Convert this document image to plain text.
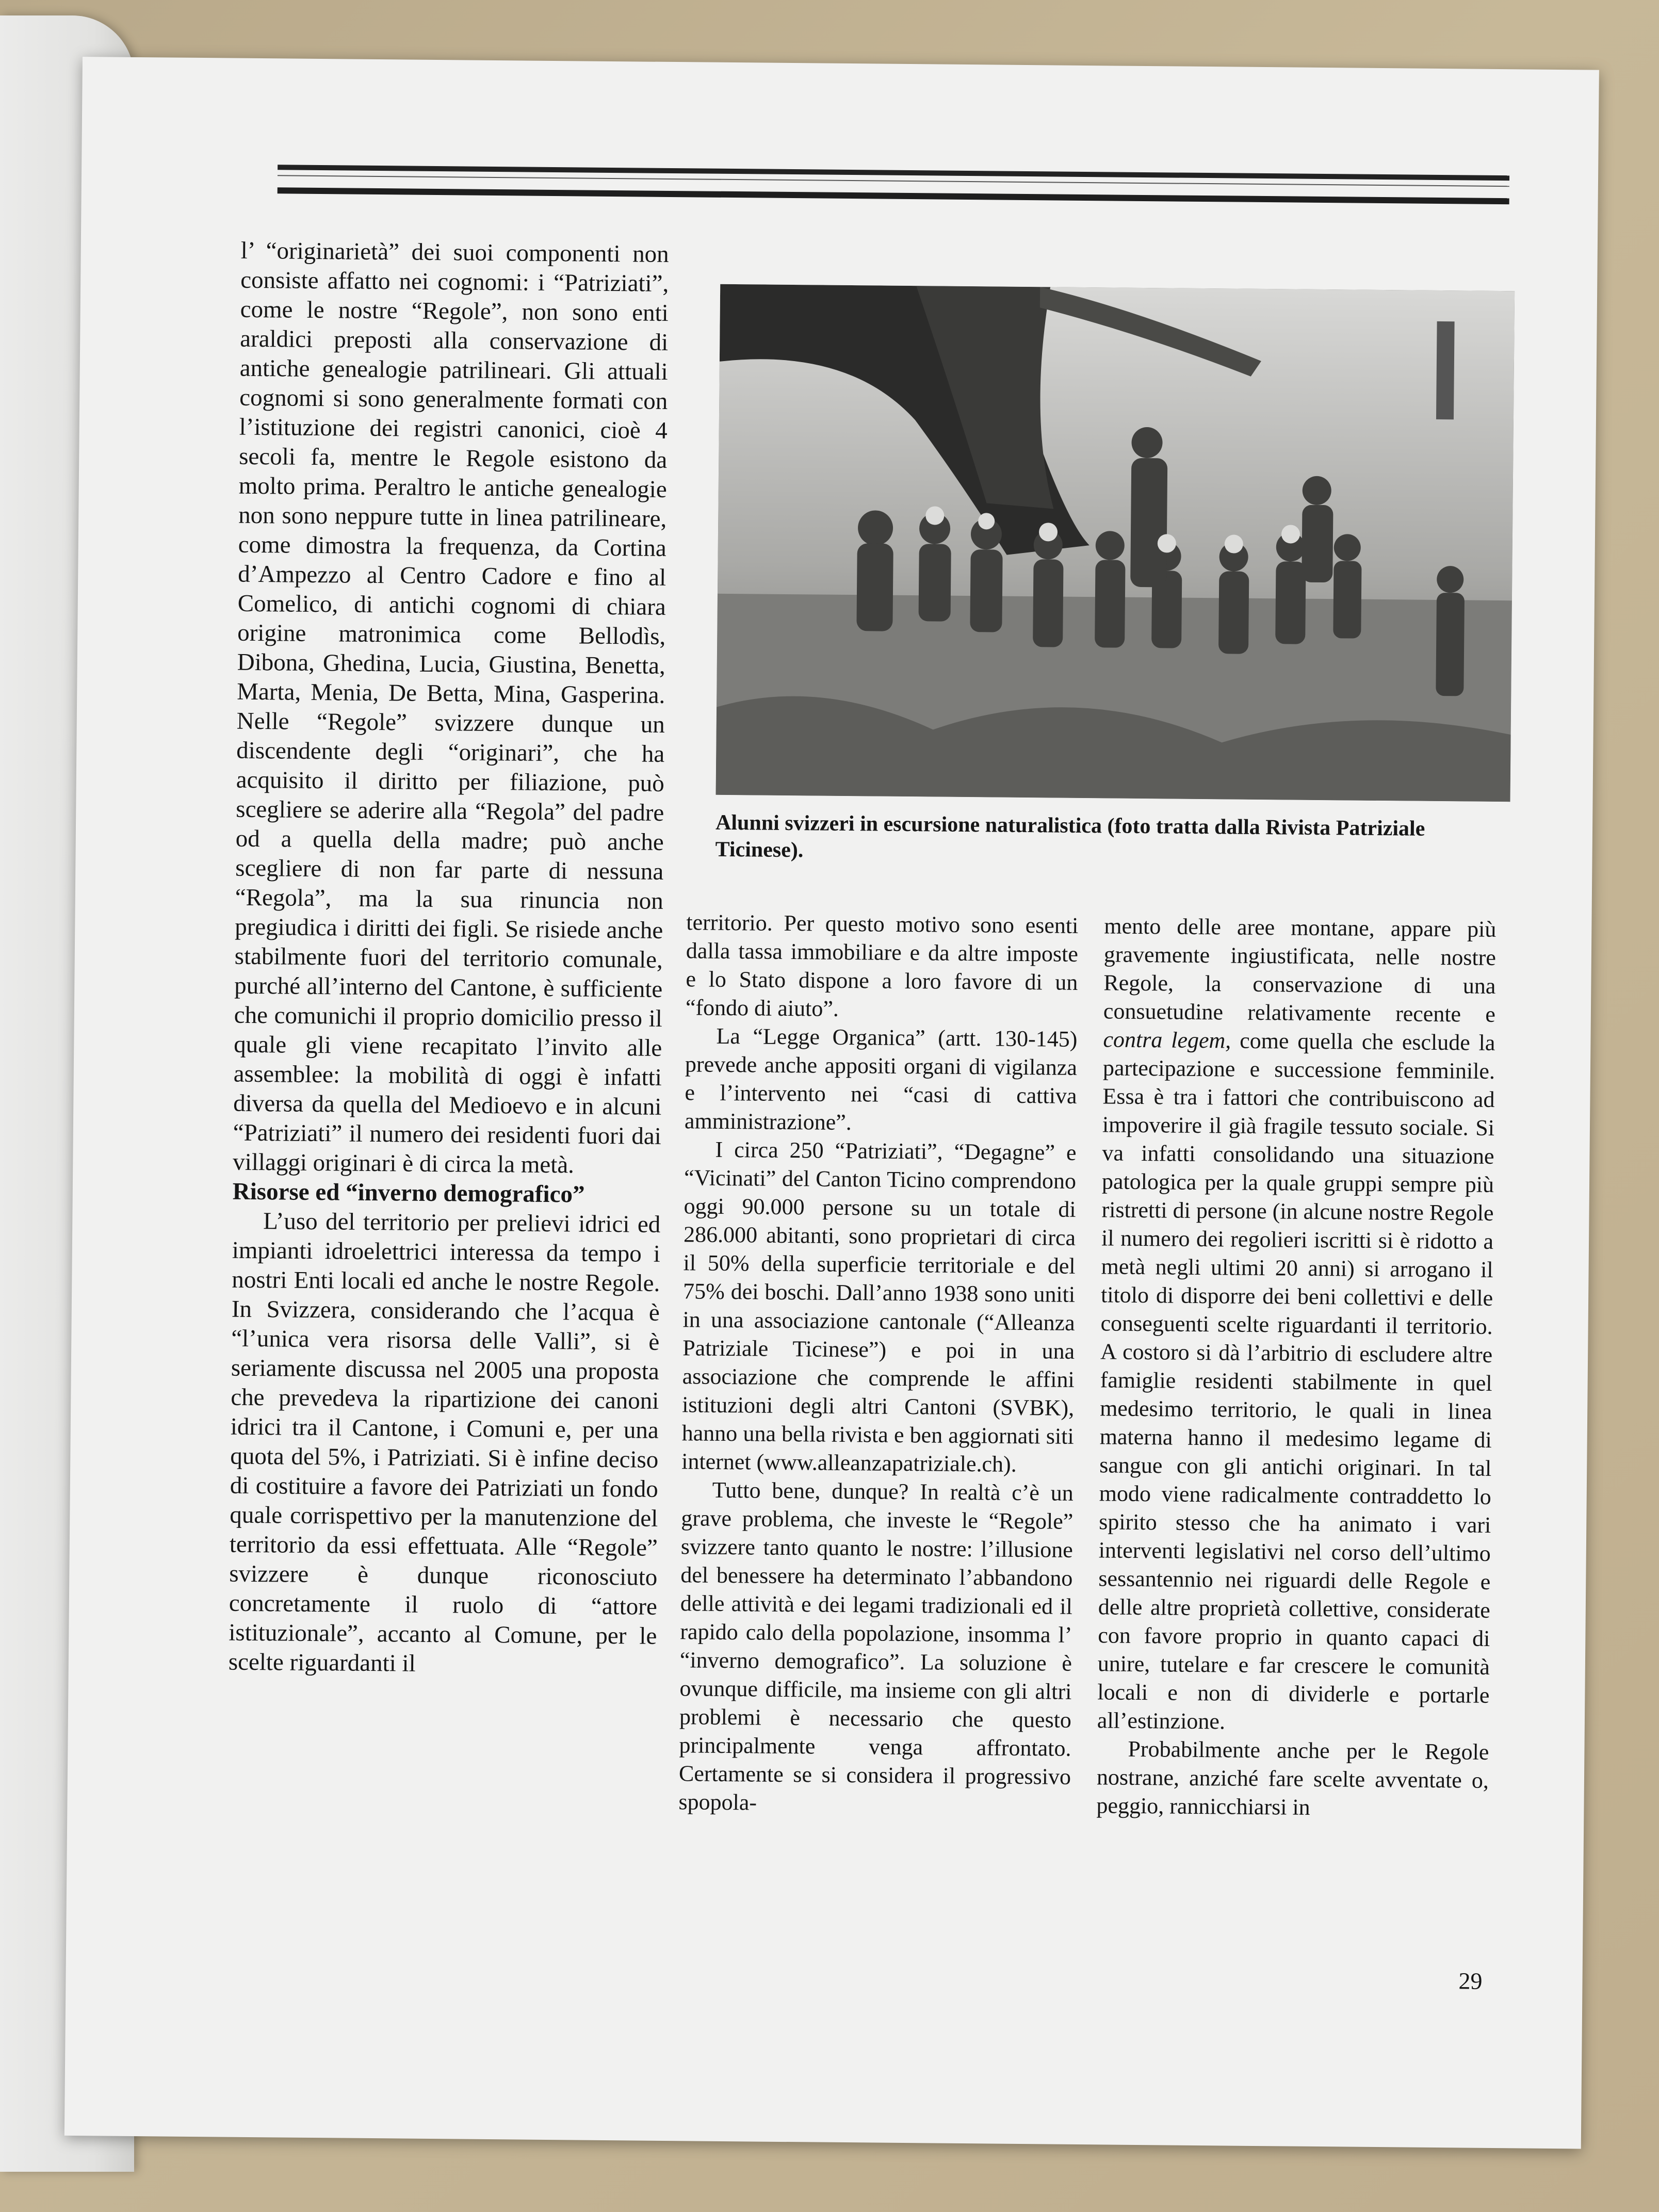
l’ “originarietà” dei suoi componenti non consiste affatto nei cognomi: i “Patriziati”, come le nostre “Regole”, non sono enti araldici preposti alla conservazione di antiche genealogie patrilineari. Gli attuali cognomi si sono generalmente formati con l’istituzione dei registri canonici, cioè 4 secoli fa, mentre le Regole esistono da molto prima. Peraltro le antiche genealogie non sono neppure tutte in linea patrilineare, come dimostra la frequenza, da Cortina d’Ampezzo al Centro Cadore e fino al Comelico, di antichi cognomi di chiara origine matronimica come Bellodìs, Dibona, Ghedina, Lucia, Giustina, Benetta, Marta, Menia, De Betta, Mina, Gasperina. Nelle “Regole” svizzere dunque un discendente degli “originari”, che ha acquisito il diritto per filiazione, può scegliere se aderire alla “Regola” del padre od a quella della madre; può anche scegliere di non far parte di nessuna “Regola”, ma la sua rinuncia non pregiudica i diritti dei figli. Se risiede anche stabilmente fuori del territorio comunale, purché all’interno del Cantone, è sufficiente che comunichi il proprio domicilio presso il quale gli viene recapitato l’invito alle assemblee: la mobilità di oggi è infatti diversa da quella del Medioevo e in alcuni “Patriziati” il numero dei residenti fuori dai villaggi originari è di circa la metà.

Risorse ed “inverno demografico”

L’uso del territorio per prelievi idrici ed impianti idroelettrici interessa da tempo i nostri Enti locali ed anche le nostre Regole. In Svizzera, considerando che l’acqua è “l’unica vera risorsa delle Valli”, si è seriamente discussa nel 2005 una proposta che prevedeva la ripartizione dei canoni idrici tra il Cantone, i Comuni e, per una quota del 5%, i Patriziati. Si è infine deciso di costituire a favore dei Patriziati un fondo quale corrispettivo per la manutenzione del territorio da essi effettuata. Alle “Regole” svizzere è dunque riconosciuto concretamente il ruolo di “attore istituzionale”, accanto al Comune, per le scelte riguardanti il

Alunni svizzeri in escursione naturalistica (foto tratta dalla Rivista Patriziale Ticinese).

territorio. Per questo motivo sono esenti dalla tassa immobiliare e da altre imposte e lo Stato dispone a loro favore di un “fondo di aiuto”.

La “Legge Organica” (artt. 130-145) prevede anche appositi organi di vigilanza e l’intervento nei “casi di cattiva amministrazione”.

I circa 250 “Patriziati”, “Degagne” e “Vicinati” del Canton Ticino comprendono oggi 90.000 persone su un totale di 286.000 abitanti, sono proprietari di circa il 50% della superficie territoriale e del 75% dei boschi. Dall’anno 1938 sono uniti in una associazione cantonale (“Alleanza Patriziale Ticinese”) e poi in una associazione che comprende le affini istituzioni degli altri Cantoni (SVBK), hanno una bella rivista e ben aggiornati siti internet (www.alleanzapatriziale.ch).

Tutto bene, dunque? In realtà c’è un grave problema, che investe le “Regole” svizzere tanto quanto le nostre: l’illusione del benessere ha determinato l’abbandono delle attività e dei legami tradizionali ed il rapido calo della popolazione, insomma l’ “inverno demografico”. La soluzione è ovunque difficile, ma insieme con gli altri problemi è necessario che questo principalmente venga affrontato. Certamente se si considera il progressivo spopola-

mento delle aree montane, appare più gravemente ingiustificata, nelle nostre Regole, la conservazione di una consuetudine relativamente recente e contra legem, come quella che esclude la partecipazione e successione femminile. Essa è tra i fattori che contribuiscono ad impoverire il già fragile tessuto sociale. Si va infatti consolidando una situazione patologica per la quale gruppi sempre più ristretti di persone (in alcune nostre Regole il numero dei regolieri iscritti si è ridotto a metà negli ultimi 20 anni) si arrogano il titolo di disporre dei beni collettivi e delle conseguenti scelte riguardanti il territorio. A costoro si dà l’arbitrio di escludere altre famiglie residenti stabilmente in quel medesimo territorio, le quali in linea materna hanno il medesimo legame di sangue con gli antichi originari. In tal modo viene radicalmente contraddetto lo spirito stesso che ha animato i vari interventi legislativi nel corso dell’ultimo sessantennio nei riguardi delle Regole e delle altre proprietà collettive, considerate con favore proprio in quanto capaci di unire, tutelare e far crescere le comunità locali e non di dividerle e portarle all’estinzione.

Probabilmente anche per le Regole nostrane, anziché fare scelte avventate o, peggio, rannicchiarsi in

29
